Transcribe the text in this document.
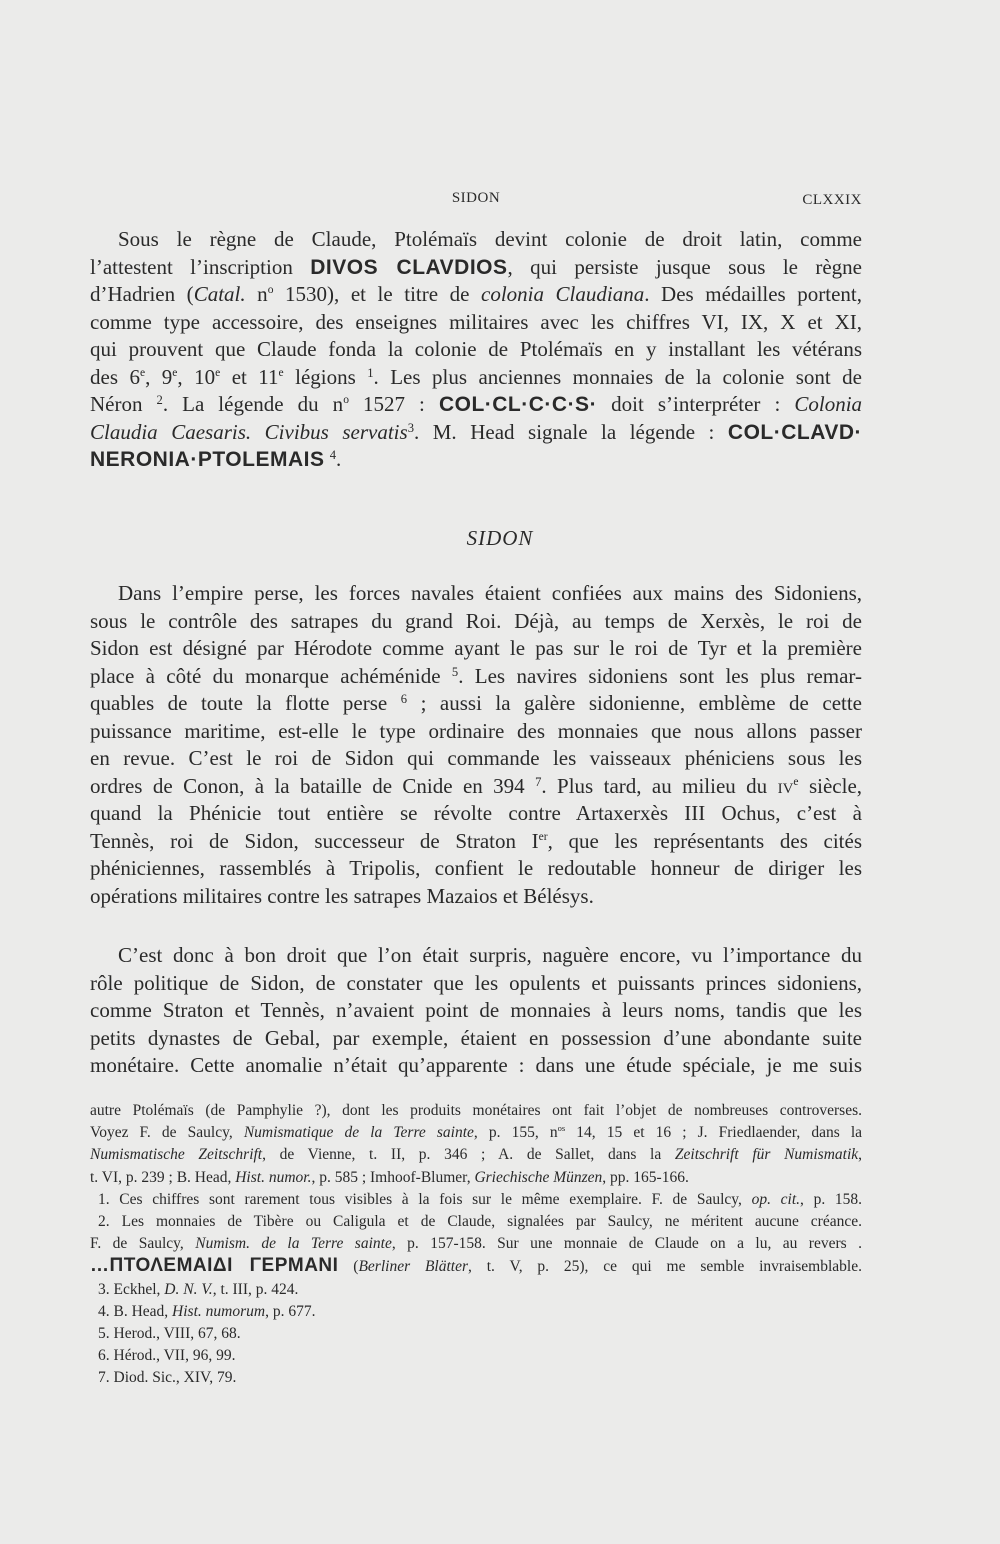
SIDON	CLXXIX
Sous le règne de Claude, Ptolémaïs devint colonie de droit latin, comme
l’attestent l’inscription DIVOS CLAVDIOS, qui persiste jusque sous le règne
d’Hadrien (Catal. $n^o$ 1530), et le titre de colonia Claudiana. Des médailles portent,
comme type accessoire, des enseignes militaires avec les chiffres VI, IX, X et XI,
qui prouvent que Claude fonda la colonie de Ptolémaïs en y installant les vétérans
des 6e, 9e, 10e et 11e légions $^1$. Les plus anciennes monnaies de la colonie sont de
Néron $^2$. La légende du $n^o$ 1527 : COL·CL·C·C·S· doit s’interpréter : Colonia
Claudia Caesaris. Civibus servatis$^3$. M. Head signale la légende : COL·CLAVD·
NERONIA·PTOLEMAIS $^4$.
SIDON
Dans l’empire perse, les forces navales étaient confiées aux mains des Sidoniens,
sous le contrôle des satrapes du grand Roi. Déjà, au temps de Xerxès, le roi de
Sidon est désigné par Hérodote comme ayant le pas sur le roi de Tyr et la première
place à côté du monarque achéménide $^5$. Les navires sidoniens sont les plus remar-
quables de toute la flotte perse $^6$ ; aussi la galère sidonienne, emblème de cette
puissance maritime, est-elle le type ordinaire des monnaies que nous allons passer
en revue. C’est le roi de Sidon qui commande les vaisseaux phéniciens sous les
ordres de Conon, à la bataille de Cnide en 394 $^7$. Plus tard, au milieu du $iv^e$ siècle,
quand la Phénicie tout entière se révolte contre Artaxerxès III Ochus, c’est à
Tennès, roi de Sidon, successeur de Straton Ier, que les représentants des cités
phéniciennes, rassemblés à Tripolis, confient le redoutable honneur de diriger les
opérations militaires contre les satrapes Mazaios et Bélésys.
C’est donc à bon droit que l’on était surpris, naguère encore, vu l’importance du
rôle politique de Sidon, de constater que les opulents et puissants princes sidoniens,
comme Straton et Tennès, n’avaient point de monnaies à leurs noms, tandis que les
petits dynastes de Gebal, par exemple, étaient en possession d’une abondante suite
monétaire. Cette anomalie n’était qu’apparente : dans une étude spéciale, je me suis
autre Ptolémaïs (de Pamphylie ?), dont les produits monétaires ont fait l’objet de nombreuses controverses.
Voyez F. de Saulcy, Numismatique de la Terre sainte, p. 155, $n^{os}$ 14, 15 et 16 ; J. Friedlaender, dans la
Numismatische Zeitschrift, de Vienne, t. II, p. 346 ; A. de Sallet, dans la Zeitschrift für Numismatik,
t. VI, p. 239 ; B. Head, Hist. numor., p. 585 ; Imhoof-Blumer, Griechische Münzen, pp. 165-166.
1. Ces chiffres sont rarement tous visibles à la fois sur le même exemplaire. F. de Saulcy, op. cit., p. 158.
2. Les monnaies de Tibère ou Caligula et de Claude, signalées par Saulcy, ne méritent aucune créance.
F. de Saulcy, Numism. de la Terre sainte, p. 157-158. Sur une monnaie de Claude on a lu, au revers .
…ΠΤΟΛΕΜΑΙΔΙ ΓΕΡΜΑΝΙ (Berliner Blätter, t. V, p. 25), ce qui me semble invraisemblable.
3. Eckhel, D. N. V., t. III, p. 424.
4. B. Head, Hist. numorum, p. 677.
5. Herod., VIII, 67, 68.
6. Hérod., VII, 96, 99.
7. Diod. Sic., XIV, 79.
